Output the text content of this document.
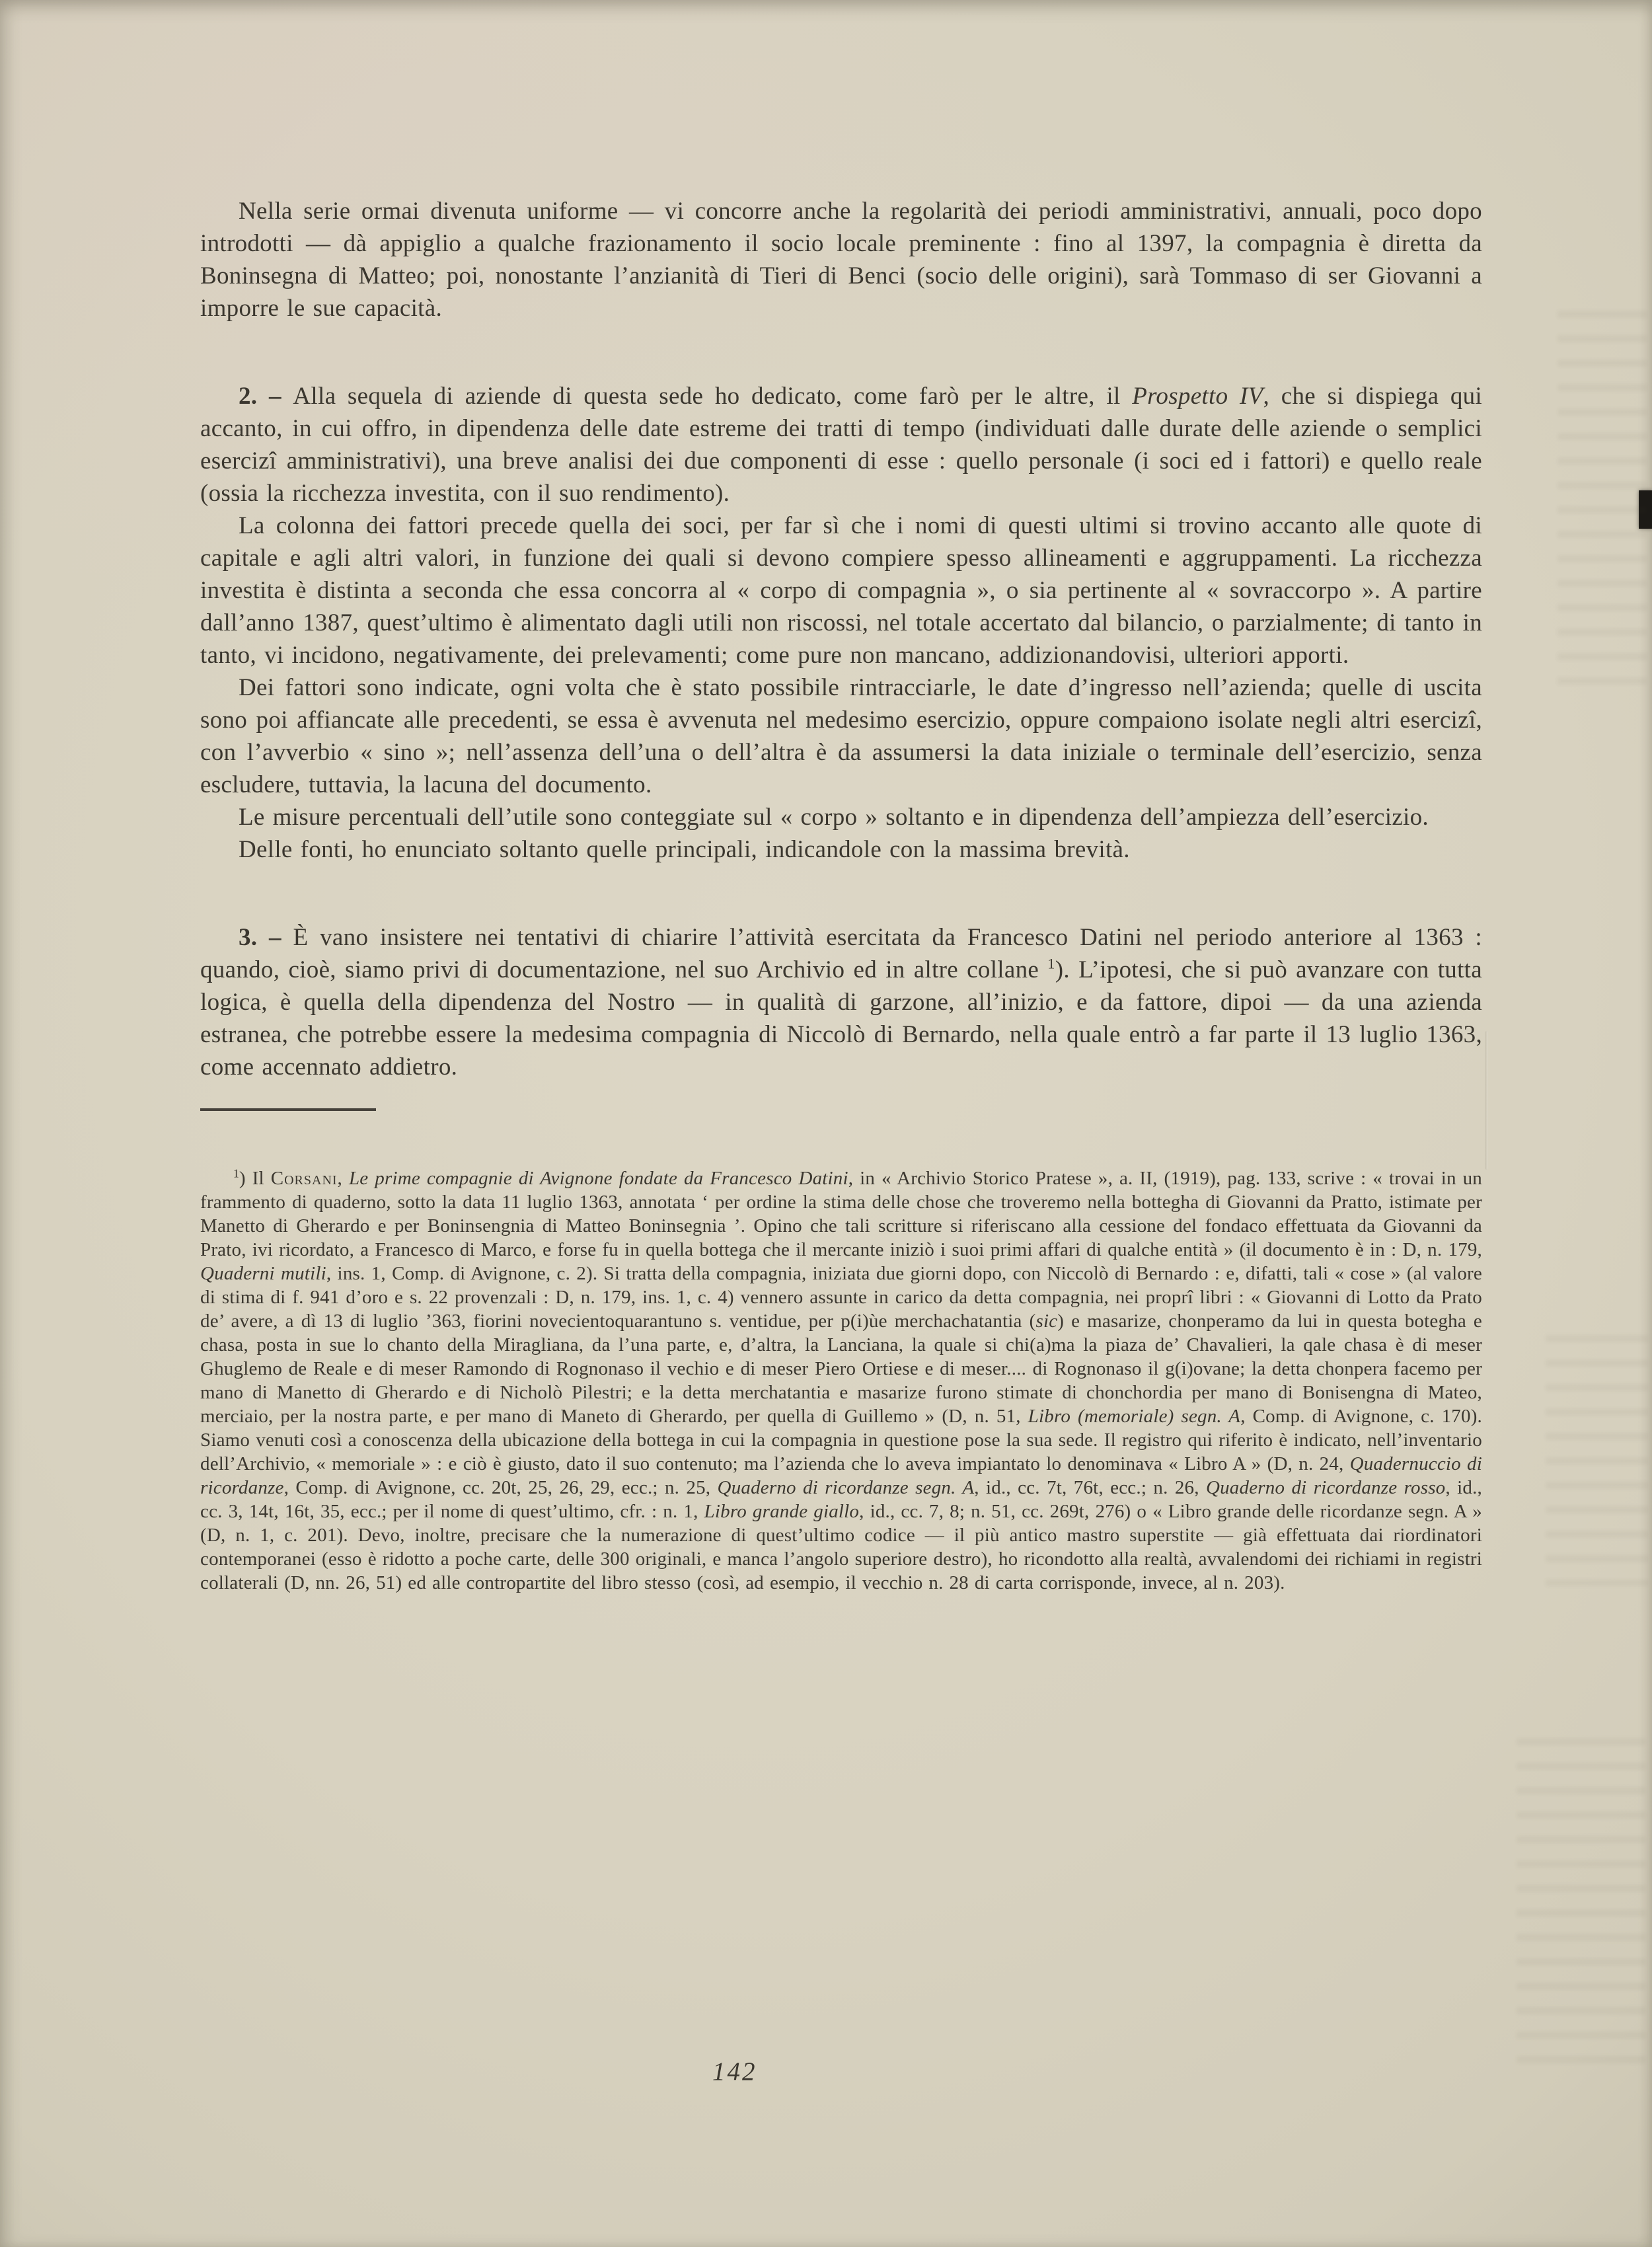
Nella serie ormai divenuta uniforme — vi concorre anche la regolarità dei periodi amministrativi, annuali, poco dopo introdotti — dà appiglio a qualche frazionamento il socio locale preminente : fino al 1397, la compagnia è diretta da Boninsegna di Matteo; poi, nonostante l’anzianità di Tieri di Benci (socio delle origini), sarà Tommaso di ser Giovanni a imporre le sue capacità.

2. – Alla sequela di aziende di questa sede ho dedicato, come farò per le altre, il Prospetto IV, che si dispiega qui accanto, in cui offro, in dipendenza delle date estreme dei tratti di tempo (individuati dalle durate delle aziende o semplici esercizî amministrativi), una breve analisi dei due componenti di esse : quello personale (i soci ed i fattori) e quello reale (ossia la ricchezza investita, con il suo rendimento).

La colonna dei fattori precede quella dei soci, per far sì che i nomi di questi ultimi si trovino accanto alle quote di capitale e agli altri valori, in funzione dei quali si devono compiere spesso allineamenti e aggruppamenti. La ricchezza investita è distinta a seconda che essa concorra al « corpo di compagnia », o sia pertinente al « sovraccorpo ». A partire dall’anno 1387, quest’ultimo è alimentato dagli utili non riscossi, nel totale accertato dal bilancio, o parzialmente; di tanto in tanto, vi incidono, negativamente, dei prelevamenti; come pure non mancano, addizionandovisi, ulteriori apporti.

Dei fattori sono indicate, ogni volta che è stato possibile rintracciarle, le date d’ingresso nell’azienda; quelle di uscita sono poi affiancate alle precedenti, se essa è avvenuta nel medesimo esercizio, oppure compaiono isolate negli altri esercizî, con l’avverbio « sino »; nell’assenza dell’una o dell’altra è da assumersi la data iniziale o terminale dell’esercizio, senza escludere, tuttavia, la lacuna del documento.

Le misure percentuali dell’utile sono conteggiate sul « corpo » soltanto e in dipendenza dell’ampiezza dell’esercizio.

Delle fonti, ho enunciato soltanto quelle principali, indicandole con la massima brevità.

3. – È vano insistere nei tentativi di chiarire l’attività esercitata da Francesco Datini nel periodo anteriore al 1363 : quando, cioè, siamo privi di documentazione, nel suo Archivio ed in altre collane $^1$). L’ipotesi, che si può avanzare con tutta logica, è quella della dipendenza del Nostro — in qualità di garzone, all’inizio, e da fattore, dipoi — da una azienda estranea, che potrebbe essere la medesima compagnia di Niccolò di Bernardo, nella quale entrò a far parte il 13 luglio 1363, come accennato addietro.

$^1$) Il Corsani, Le prime compagnie di Avignone fondate da Francesco Datini, in « Archivio Storico Pratese », a. II, (1919), pag. 133, scrive : « trovai in un frammento di quaderno, sotto la data 11 luglio 1363, annotata ‘ per ordine la stima delle chose che troveremo nella bottegha di Giovanni da Pratto, istimate per Manetto di Gherardo e per Boninsengnia di Matteo Boninsegnia ’. Opino che tali scritture si riferiscano alla cessione del fondaco effettuata da Giovanni da Prato, ivi ricordato, a Francesco di Marco, e forse fu in quella bottega che il mercante iniziò i suoi primi affari di qualche entità » (il documento è in : D, n. 179, Quaderni mutili, ins. 1, Comp. di Avignone, c. 2). Si tratta della compagnia, iniziata due giorni dopo, con Niccolò di Bernardo : e, difatti, tali « cose » (al valore di stima di f. 941 d’oro e s. 22 provenzali : D, n. 179, ins. 1, c. 4) vennero assunte in carico da detta compagnia, nei proprî libri : « Giovanni di Lotto da Prato de’ avere, a dì 13 di luglio ’363, fiorini novecientoquarantuno s. ventidue, per p(i)ùe merchachatantia (sic) e masarize, chonperamo da lui in questa botegha e chasa, posta in sue lo chanto della Miragliana, da l’una parte, e, d’altra, la Lanciana, la quale si chi(a)ma la piaza de’ Chavalieri, la qale chasa è di meser Ghuglemo de Reale e di meser Ramondo di Rognonaso il vechio e di meser Piero Ortiese e di meser.... di Rognonaso il g(i)ovane; la detta chonpera facemo per mano di Manetto di Gherardo e di Nicholò Pilestri; e la detta merchatantia e masarize furono stimate di chonchordia per mano di Bonisengna di Mateo, merciaio, per la nostra parte, e per mano di Maneto di Gherardo, per quella di Guillemo » (D, n. 51, Libro (memoriale) segn. A, Comp. di Avignone, c. 170). Siamo venuti così a conoscenza della ubicazione della bottega in cui la compagnia in questione pose la sua sede. Il registro qui riferito è indicato, nell’inventario dell’Archivio, « memoriale » : e ciò è giusto, dato il suo contenuto; ma l’azienda che lo aveva impiantato lo denominava « Libro A » (D, n. 24, Quadernuccio di ricordanze, Comp. di Avignone, cc. 20t, 25, 26, 29, ecc.; n. 25, Quaderno di ricordanze segn. A, id., cc. 7t, 76t, ecc.; n. 26, Quaderno di ricordanze rosso, id., cc. 3, 14t, 16t, 35, ecc.; per il nome di quest’ultimo, cfr. : n. 1, Libro grande giallo, id., cc. 7, 8; n. 51, cc. 269t, 276) o « Libro grande delle ricordanze segn. A » (D, n. 1, c. 201). Devo, inoltre, precisare che la numerazione di quest’ultimo codice — il più antico mastro superstite — già effettuata dai riordinatori contemporanei (esso è ridotto a poche carte, delle 300 originali, e manca l’angolo superiore destro), ho ricondotto alla realtà, avvalendomi dei richiami in registri collaterali (D, nn. 26, 51) ed alle contropartite del libro stesso (così, ad esempio, il vecchio n. 28 di carta corrisponde, invece, al n. 203).

142
